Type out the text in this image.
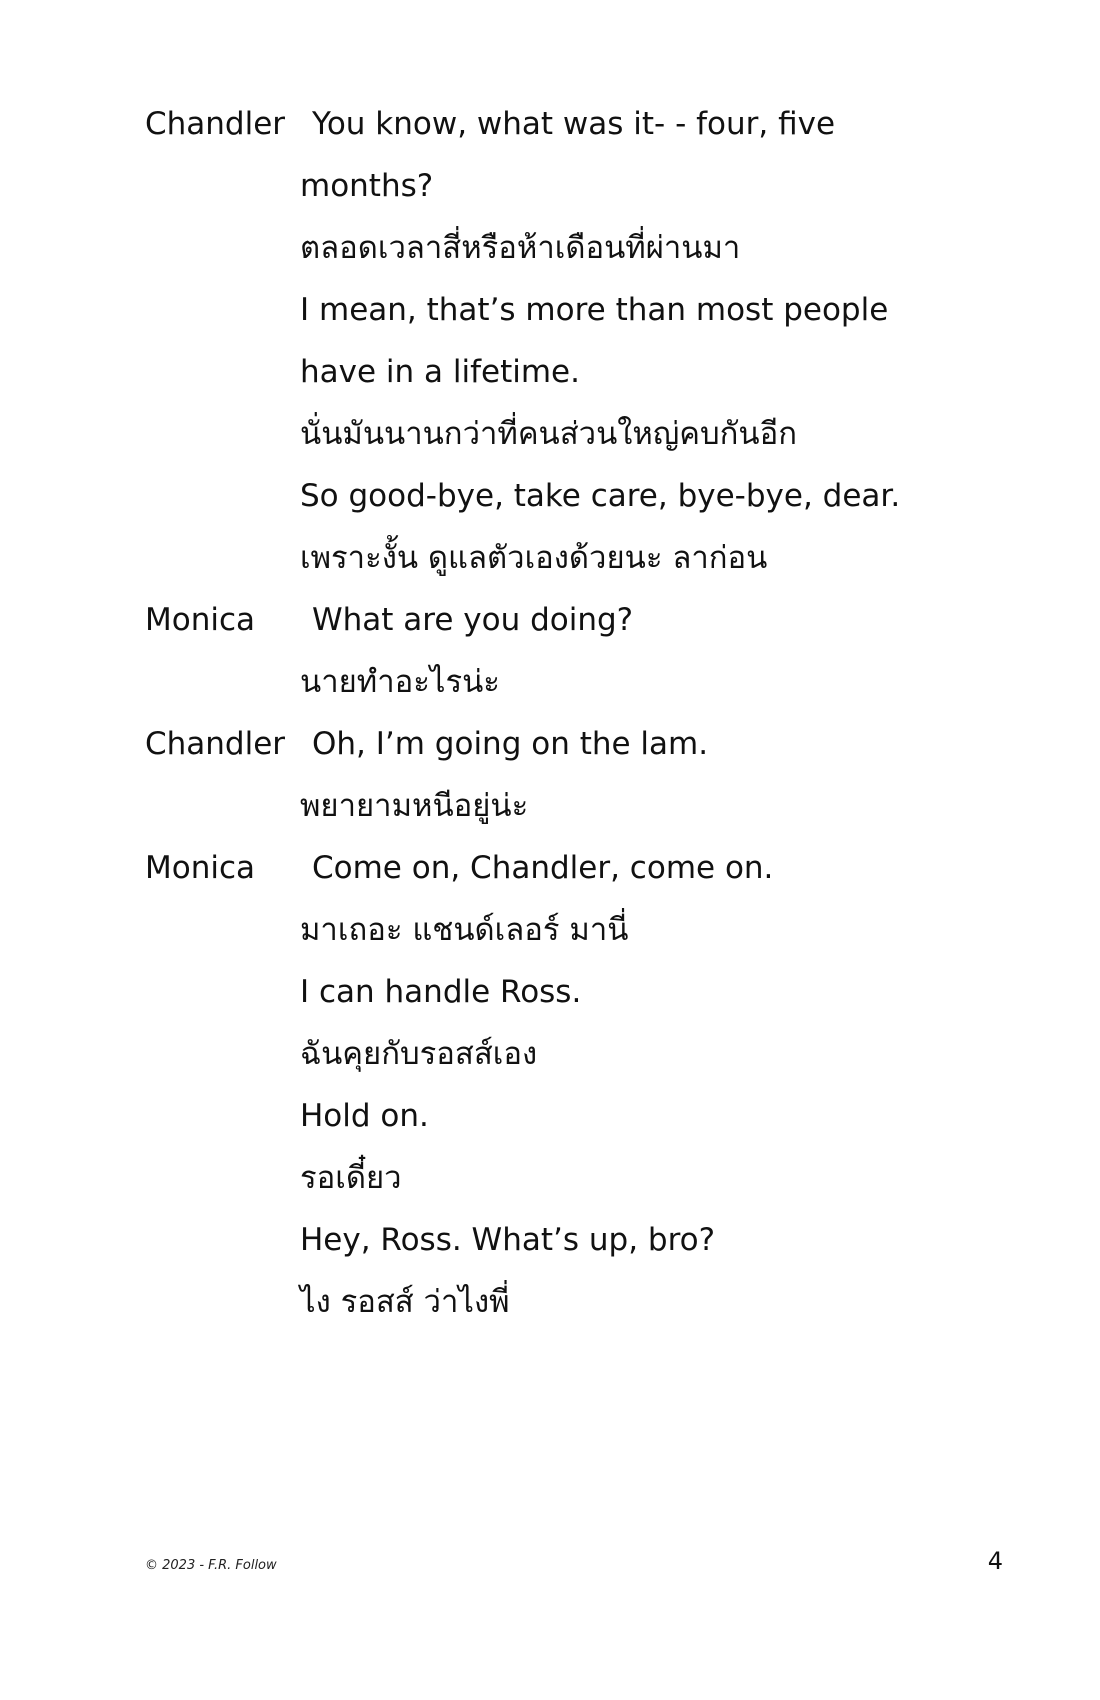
Chandler You know, what was it- - four, five
months?
ตลอดเวลาสี่หรือห้าเดือนที่ผ่านมา
I mean, that’s more than most people
have in a lifetime.
นั่นมันนานกว่าที่คนส่วนใหญ่คบกันอีก
So good-bye, take care, bye-bye, dear.
เพราะงั้น ดูแลตัวเองด้วยนะ ลาก่อน
Monica What are you doing?
นายทำอะไรน่ะ
Chandler Oh, I’m going on the lam.
พยายามหนีอยู่น่ะ
Monica Come on, Chandler, come on.
มาเถอะ แชนด์เลอร์ มานี่
I can handle Ross.
ฉันคุยกับรอสส์เอง
Hold on.
รอเดี๋ยว
Hey, Ross. What’s up, bro?
ไง รอสส์ ว่าไงพี่
© 2023 - F.R. Follow	4
